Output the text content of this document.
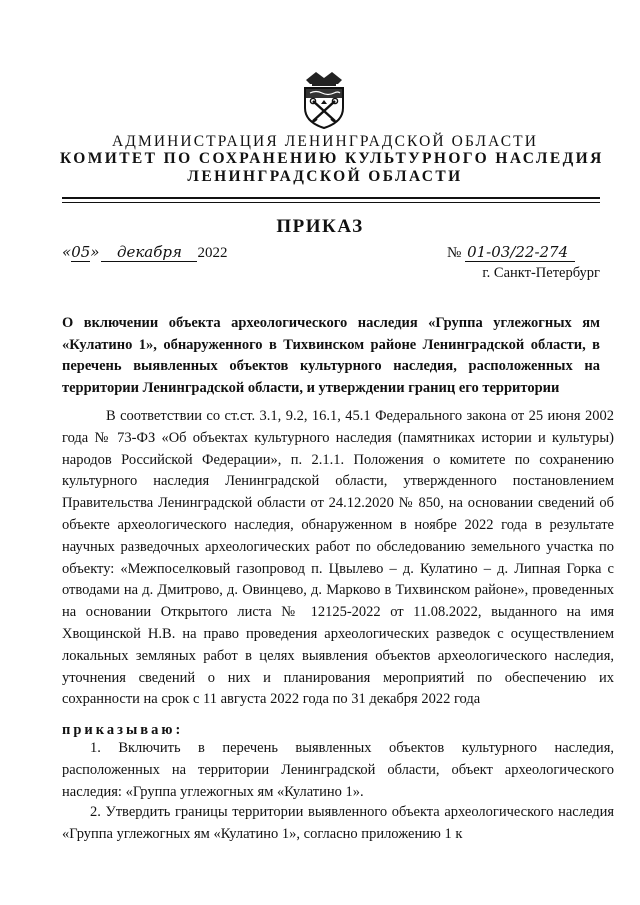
АДМИНИСТРАЦИЯ ЛЕНИНГРАДСКОЙ ОБЛАСТИ
КОМИТЕТ ПО СОХРАНЕНИЮ КУЛЬТУРНОГО НАСЛЕДИЯ
ЛЕНИНГРАДСКОЙ ОБЛАСТИ
ПРИКАЗ
«05» декабря 2022	№ 01-03/22-274
г. Санкт-Петербург
О включении объекта археологического наследия «Группа углежогных ям «Кулатино 1», обнаруженного в Тихвинском районе Ленинградской области, в перечень выявленных объектов культурного наследия, расположенных на территории Ленинградской области, и утверждении границ его территории

В соответствии со ст.ст. 3.1, 9.2, 16.1, 45.1 Федерального закона от 25 июня 2002 года № 73-ФЗ «Об объектах культурного наследия (памятниках истории и культуры) народов Российской Федерации», п. 2.1.1. Положения о комитете по сохранению культурного наследия Ленинградской области, утвержденного постановлением Правительства Ленинградской области от 24.12.2020 № 850, на основании сведений об объекте археологического наследия, обнаруженном в ноябре 2022 года в результате научных разведочных археологических работ по обследованию земельного участка по объекту: «Межпоселковый газопровод п. Цвылево – д. Кулатино – д. Липная Горка с отводами на д. Дмитрово, д. Овинцево, д. Марково в Тихвинском районе», проведенных на основании Открытого листа № 12125-2022 от 11.08.2022, выданного на имя Хвощинской Н.В. на право проведения археологических разведок с осуществлением локальных земляных работ в целях выявления объектов археологического наследия, уточнения сведений о них и планирования мероприятий по обеспечению их сохранности на срок с 11 августа 2022 года по 31 декабря 2022 года

приказываю:

1. Включить в перечень выявленных объектов культурного наследия, расположенных на территории Ленинградской области, объект археологического наследия: «Группа углежогных ям «Кулатино 1».

2. Утвердить границы территории выявленного объекта археологического наследия «Группа углежогных ям «Кулатино 1», согласно приложению 1 к
